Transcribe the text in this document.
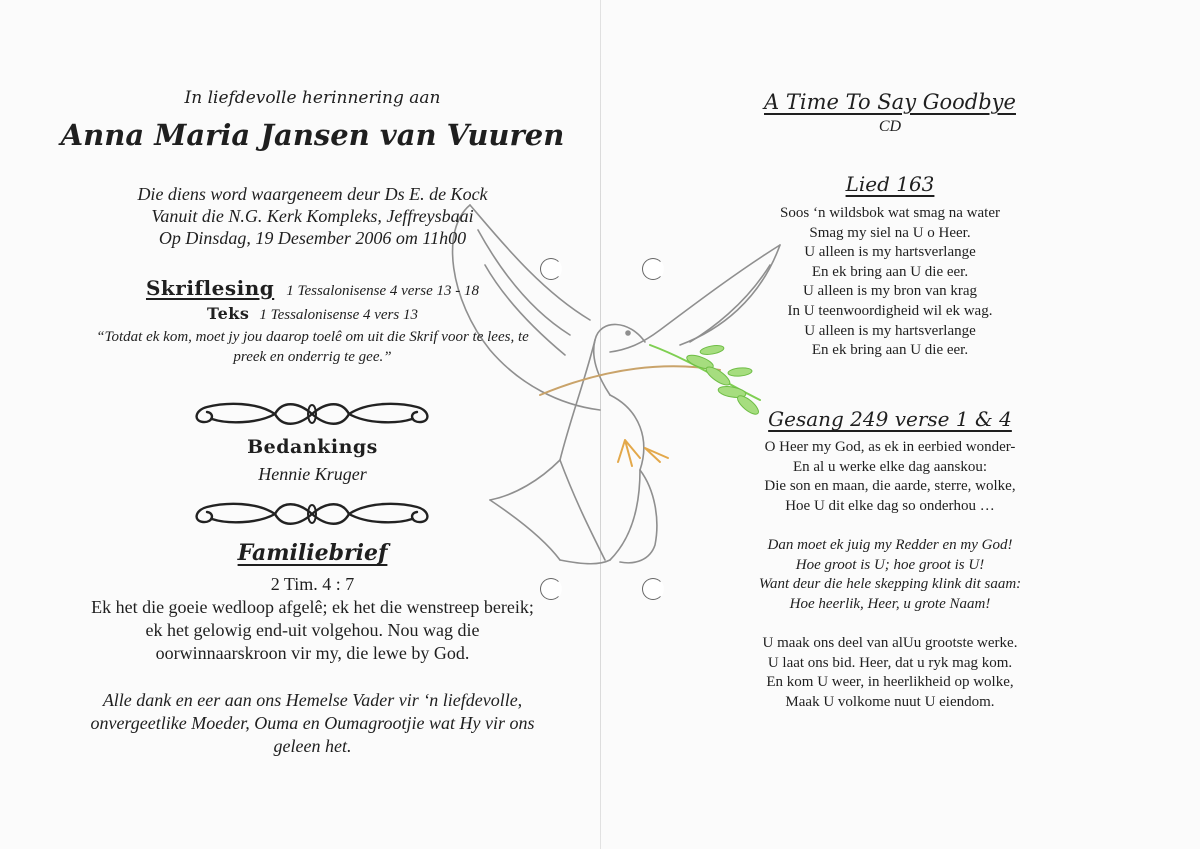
In liefdevolle herinnering aan

Anna Maria Jansen van Vuuren

Die diens word waargeneem deur Ds E. de Kock

Vanuit die N.G. Kerk Kompleks, Jeffreysbaai

Op Dinsdag, 19 Desember 2006 om 11h00

Skriflesing 1 Tessalonisense 4 verse 13 - 18
Teks 1 Tessalonisense 4 vers 13

“Totdat ek kom, moet jy jou daarop toelê om uit die Skrif voor te lees, te

preek en onderrig te gee.”

Bedankings

Hennie Kruger

Familiebrief

2 Tim. 4 : 7

Ek het die goeie wedloop afgelê; ek het die wenstreep bereik;

ek het gelowig end-uit volgehou. Nou wag die

oorwinnaarskroon vir my, die lewe by God.

Alle dank en eer aan ons Hemelse Vader vir ‘n liefdevolle,

onvergeetlike Moeder, Ouma en Oumagrootjie wat Hy vir ons

geleen het.

A Time To Say Goodbye

CD

Lied 163

Soos ‘n wildsbok wat smag na water

Smag my siel na U o Heer.

U alleen is my hartsverlange

En ek bring aan U die eer.

U alleen is my bron van krag

In U teenwoordigheid wil ek wag.

U alleen is my hartsverlange

En ek bring aan U die eer.

Gesang 249 verse 1 & 4

O Heer my God, as ek in eerbied wonder-

En al u werke elke dag aanskou:

Die son en maan, die aarde, sterre, wolke,

Hoe U dit elke dag so onderhou …

Dan moet ek juig my Redder en my God!

Hoe groot is U; hoe groot is U!

Want deur die hele skepping klink dit saam:

Hoe heerlik, Heer, u grote Naam!

U maak ons deel van alUu grootste werke.

U laat ons bid. Heer, dat u ryk mag kom.

En kom U weer, in heerlikheid op wolke,

Maak U volkome nuut U eiendom.
